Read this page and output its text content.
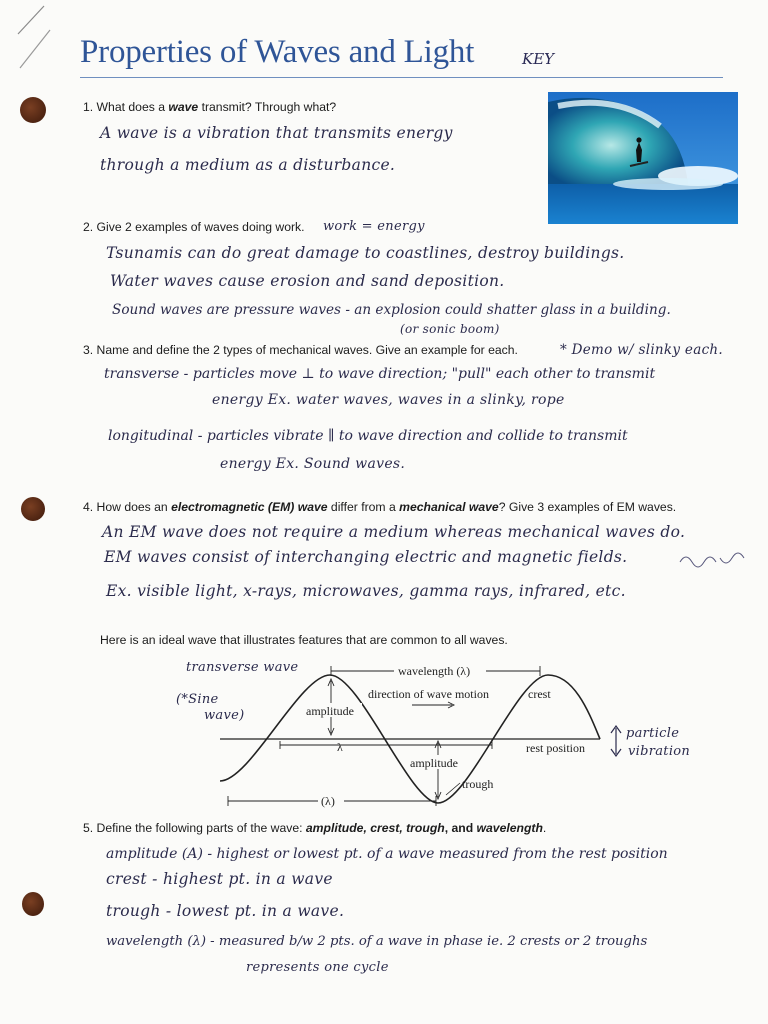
Properties of Waves and Light	KEY
1. What does a wave transmit? Through what?
A wave is a vibration that transmits energy
through a medium as a disturbance.
2. Give 2 examples of waves doing work. work = energy
Tsunamis can do great damage to coastlines, destroy buildings.
Water waves cause erosion and sand deposition.
Sound waves are pressure waves - an explosion could shatter glass in a building.
(or sonic boom)
3. Name and define the 2 types of mechanical waves. Give an example for each.	* Demo w/ slinky each.
transverse - particles move ⊥ to wave direction; "pull" each other to transmit
energy Ex. water waves, waves in a slinky, rope
longitudinal - particles vibrate ∥ to wave direction and collide to transmit
energy Ex. Sound waves.
4. How does an electromagnetic (EM) wave differ from a mechanical wave? Give 3 examples of EM waves.
An EM wave does not require a medium whereas mechanical waves do.
EM waves consist of interchanging electric and magnetic fields.
Ex. visible light, x-rays, microwaves, gamma rays, infrared, etc.
Here is an ideal wave that illustrates features that are common to all waves.
transverse wave
(*Sine
wave)
particle
vibration
wavelength (λ)
direction of wave motion	crest
amplitude
λ	rest position
amplitude
trough
(λ)
5. Define the following parts of the wave: amplitude, crest, trough, and wavelength.
amplitude (A) - highest or lowest pt. of a wave measured from the rest position
crest - highest pt. in a wave
trough - lowest pt. in a wave.
wavelength (λ) - measured b/w 2 pts. of a wave in phase ie. 2 crests or 2 troughs
represents one cycle
